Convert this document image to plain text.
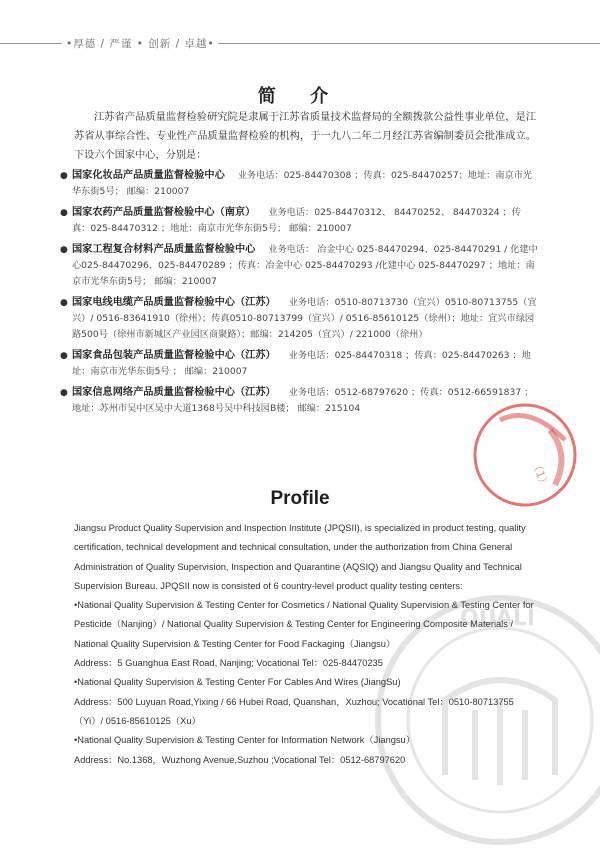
•厚德 / 严谨 • 创新 / 卓越•
简 介
江苏省产品质量监督检验研究院是隶属于江苏省质量技术监督局的全额拨款公益性事业单位，是江苏省从事综合性、专业性产品质量监督检验的机构，于一九八二年二月经江苏省编制委员会批准成立。下设六个国家中心，分别是：
● 国家化妆品产品质量监督检验中心 业务电话：025-84470308 ；传真：025-84470257；地址：南京市光华东街5号； 邮编：210007
● 国家农药产品质量监督检验中心（南京） 业务电话：025-84470312、 84470252、 84470324 ；传真：025-84470312 ；地址：南京市光华东街5号； 邮编：210007
● 国家工程复合材料产品质量监督检验中心 业务电话： 冶金中心 025-84470294、025-84470291 / 化建中心025-84470296、025-84470289 ；传真：冶金中心 025-84470293 /化建中心 025-84470297 ；地址：南京市光华东街5号； 邮编：210007
● 国家电线电缆产品质量监督检验中心（江苏） 业务电话：0510-80713730（宜兴）0510-80713755（宜兴）/ 0516-83641910（徐州）；传真0510-80713799（宜兴）/ 0516-85610125（徐州）；地址：宜兴市绿园路500号（徐州市新城区产业园区商聚路）；邮编：214205（宜兴）/ 221000（徐州）
● 国家食品包装产品质量监督检验中心（江苏） 业务电话：025-84470318 ；传真：025-84470263 ；地址：南京市光华东街5号 ； 邮编：210007
● 国家信息网络产品质量监督检验中心（江苏） 业务电话：0512-68797620 ；传真：0512-66591837 ；地址：苏州市吴中区吴中大道1368号吴中科技园B楼； 邮编：215104
（1）
QUALI
Profile

Jiangsu Product Quality Supervision and Inspection Institute (JPQSII), is specialized in product testing, quality certification, technical development and technical consultation, under the authorization from China General Administration of Quality Supervision, Inspection and Quarantine (AQSIQ) and Jiangsu Quality and Technical Supervision Bureau. JPQSII now is consisted of 6 country-level product quality testing centers:

•National Quality Supervision & Testing Center for Cosmetics / National Quality Supervision & Testing Center for Pesticide（Nanjing）/ National Quality Supervision & Testing Center for Engineering Composite Materials / National Quality Supervision & Testing Center for Food Fackaging（Jiangsu）

Address：5 Guanghua East Road, Nanjing; Vocational Tel：025-84470235

•National Quality Supervision & Testing Center For Cables And Wires (JiangSu)

Address：500 Luyuan Road,Yixing / 66 Hubei Road, Quanshan，Xuzhou; Vocational Tel：0510-80713755（Yi）/ 0516-85610125（Xu）

•National Quality Supervision & Testing Center for Information Network（Jiangsu）

Address：No.1368，Wuzhong Avenue,Suzhou ;Vocational Tel：0512-68797620
